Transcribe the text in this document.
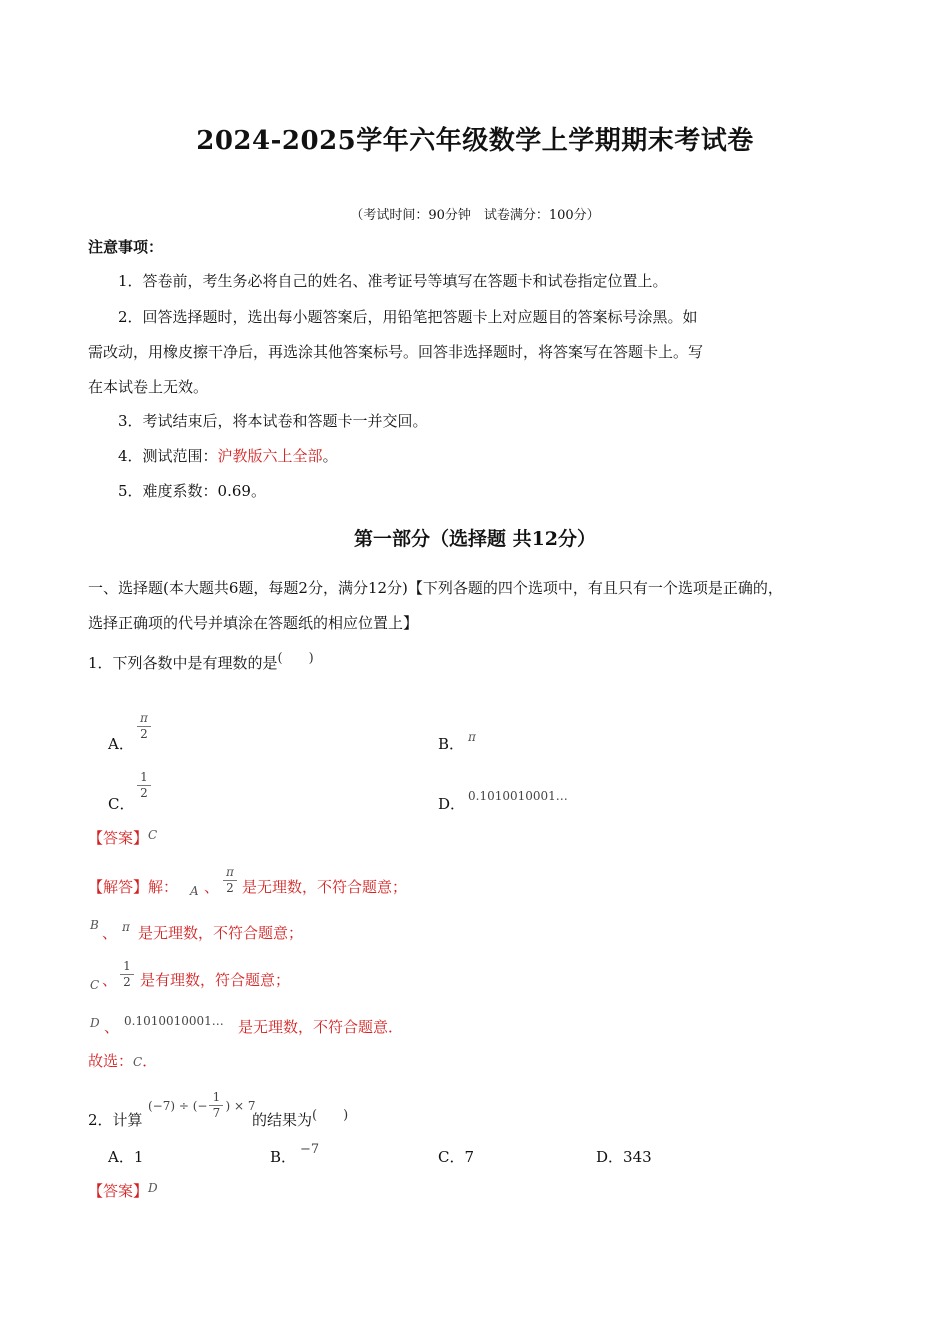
2024-2025学年六年级数学上学期期末考试卷
（考试时间：90分钟　试卷满分：100分）
注意事项：
1．答卷前，考生务必将自己的姓名、准考证号等填写在答题卡和试卷指定位置上。
2．回答选择题时，选出每小题答案后，用铅笔把答题卡上对应题目的答案标号涂黑。如
需改动，用橡皮擦干净后，再选涂其他答案标号。回答非选择题时，将答案写在答题卡上。写
在本试卷上无效。
3．考试结束后，将本试卷和答题卡一并交回。
4．测试范围：沪教版六上全部。
5．难度系数：0.69。
第一部分（选择题 共12分）
一、选择题(本大题共6题，每题2分，满分12分)【下列各题的四个选项中，有且只有一个选项是正确的，
选择正确项的代号并填涂在答题纸的相应位置上】
1．下列各数中是有理数的是(　　)
A．
$\frac{\pi}{2}$
B． π
C．
$\frac{1}{2}$
D． 0.1010010001…
【答案】$^C$
【解答】解： A 、 $\frac{\pi}{2}$ 是无理数，不符合题意；
B 、 π 是无理数，不符合题意；
C 、 $\frac{1}{2}$ 是有理数，符合题意；
D 、 0.1010010001… 是无理数，不符合题意．
故选：C．
2．计算
(−7) ÷ (− $\frac{1}{7}$ ) × 7
的结果为(　　)
A．1	B． −7	C．7	D．343
【答案】$^D$
